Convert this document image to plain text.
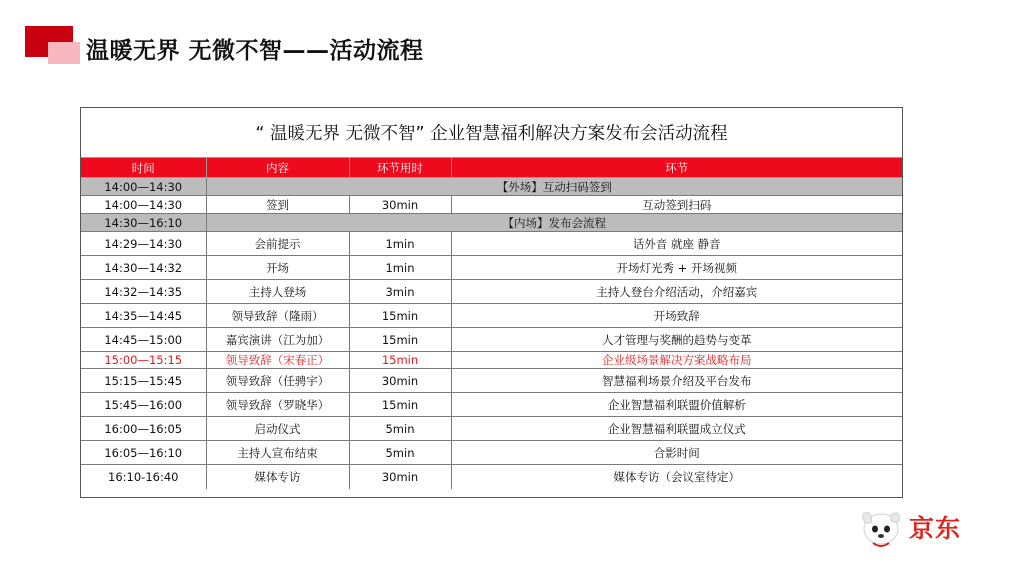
温暖无界 无微不智——活动流程
“ 温暖无界 无微不智” 企业智慧福利解决方案发布会活动流程
时间	内容	环节用时	环节
14:00—14:30	【外场】互动扫码签到		
14:00—14:30	签到	30min	互动签到扫码
14:30—16:10	【内场】发布会流程		
14:29—14:30	会前提示	1min	话外音 就座 静音
14:30—14:32	开场	1min	开场灯光秀 + 开场视频
14:32—14:35	主持人登场	3min	主持人登台介绍活动，介绍嘉宾
14:35—14:45	领导致辞（隆雨）	15min	开场致辞
14:45—15:00	嘉宾演讲（江为加）	15min	人才管理与奖酬的趋势与变革
15:00—15:15	领导致辞（宋春正）	15min	企业级场景解决方案战略布局
15:15—15:45	领导致辞（任骋宇）	30min	智慧福利场景介绍及平台发布
15:45—16:00	领导致辞（罗晓华）	15min	企业智慧福利联盟价值解析
16:00—16:05	启动仪式	5min	企业智慧福利联盟成立仪式
16:05—16:10	主持人宣布结束	5min	合影时间
16:10-16:40	媒体专访	30min	媒体专访（会议室待定）
京东
